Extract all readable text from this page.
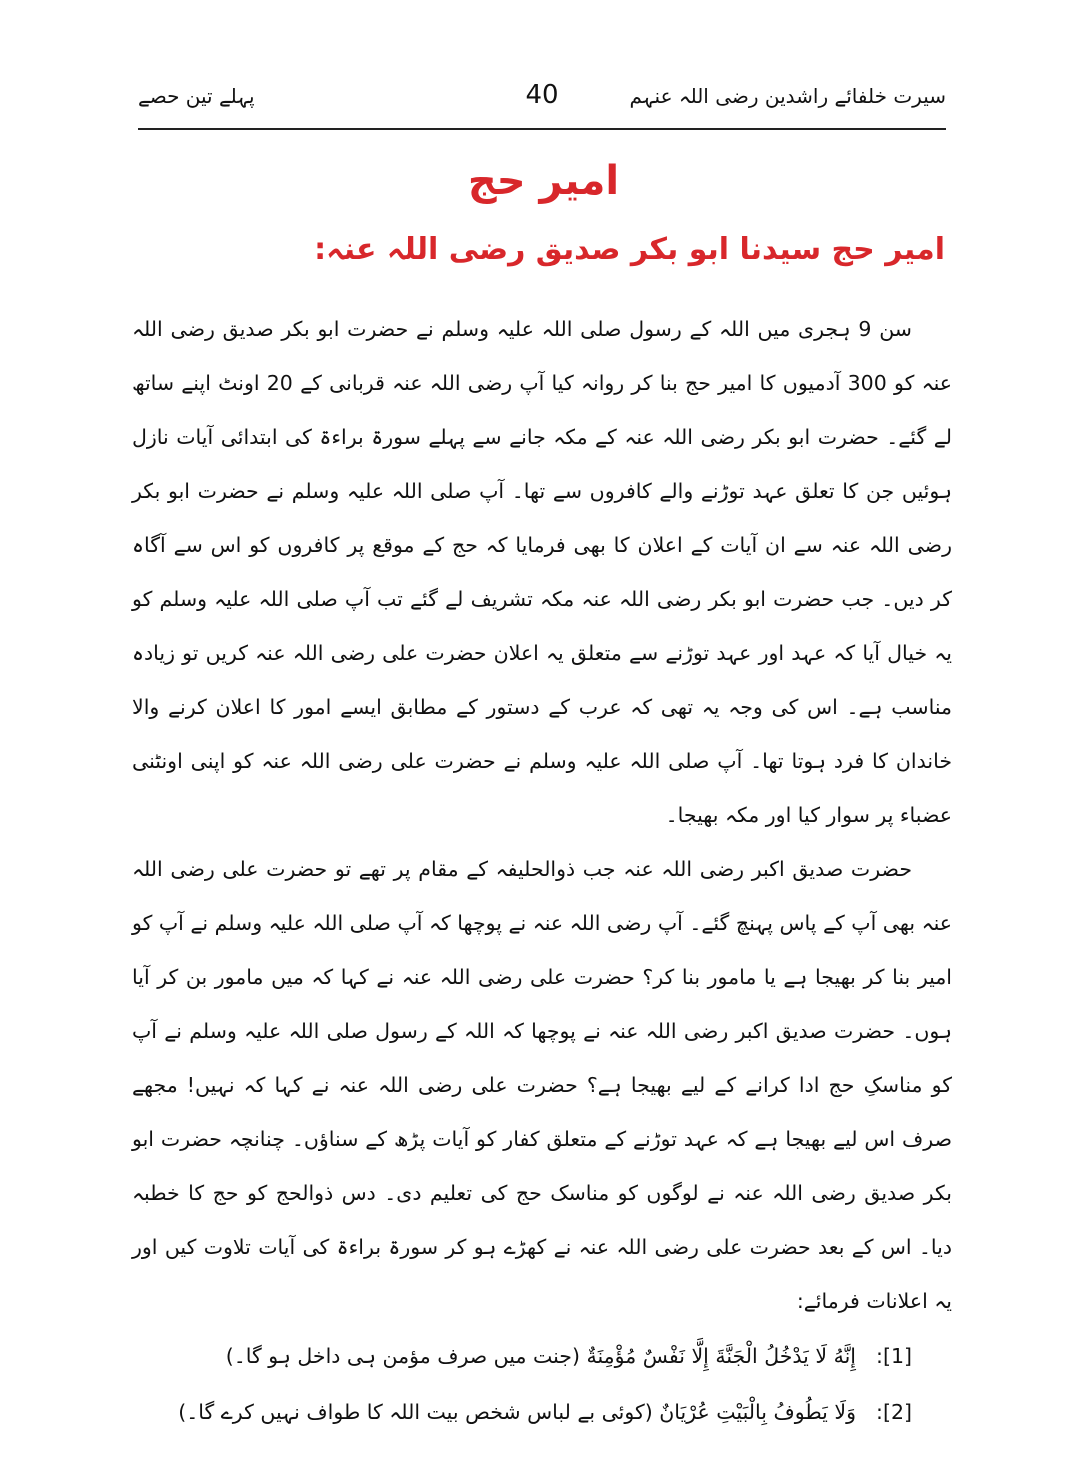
سیرت خلفائے راشدین رضی اللہ عنہم
40
پہلے تین حصے
امیر حج
امیر حج سیدنا ابو بکر صدیق رضی اللہ عنہ:

سن 9 ہجری میں اللہ کے رسول صلی اللہ علیہ وسلم نے حضرت ابو بکر صدیق رضی اللہ عنہ کو 300 آدمیوں کا امیر حج بنا کر روانہ کیا آپ رضی اللہ عنہ قربانی کے 20 اونٹ اپنے ساتھ لے گئے۔ حضرت ابو بکر رضی اللہ عنہ کے مکہ جانے سے پہلے سورۃ براءۃ کی ابتدائی آیات نازل ہوئیں جن کا تعلق عہد توڑنے والے کافروں سے تھا۔ آپ صلی اللہ علیہ وسلم نے حضرت ابو بکر رضی اللہ عنہ سے ان آیات کے اعلان کا بھی فرمایا کہ حج کے موقع پر کافروں کو اس سے آگاہ کر دیں۔ جب حضرت ابو بکر رضی اللہ عنہ مکہ تشریف لے گئے تب آپ صلی اللہ علیہ وسلم کو یہ خیال آیا کہ عہد اور عہد توڑنے سے متعلق یہ اعلان حضرت علی رضی اللہ عنہ کریں تو زیادہ مناسب ہے۔ اس کی وجہ یہ تھی کہ عرب کے دستور کے مطابق ایسے امور کا اعلان کرنے والا خاندان کا فرد ہوتا تھا۔ آپ صلی اللہ علیہ وسلم نے حضرت علی رضی اللہ عنہ کو اپنی اونٹنی عضباء پر سوار کیا اور مکہ بھیجا۔

حضرت صدیق اکبر رضی اللہ عنہ جب ذوالحلیفہ کے مقام پر تھے تو حضرت علی رضی اللہ عنہ بھی آپ کے پاس پہنچ گئے۔ آپ رضی اللہ عنہ نے پوچھا کہ آپ صلی اللہ علیہ وسلم نے آپ کو امیر بنا کر بھیجا ہے یا مامور بنا کر؟ حضرت علی رضی اللہ عنہ نے کہا کہ میں مامور بن کر آیا ہوں۔ حضرت صدیق اکبر رضی اللہ عنہ نے پوچھا کہ اللہ کے رسول صلی اللہ علیہ وسلم نے آپ کو مناسکِ حج ادا کرانے کے لیے بھیجا ہے؟ حضرت علی رضی اللہ عنہ نے کہا کہ نہیں! مجھے صرف اس لیے بھیجا ہے کہ عہد توڑنے کے متعلق کفار کو آیات پڑھ کے سناؤں۔ چنانچہ حضرت ابو بکر صدیق رضی اللہ عنہ نے لوگوں کو مناسک حج کی تعلیم دی۔ دس ذوالحج کو حج کا خطبہ دیا۔ اس کے بعد حضرت علی رضی اللہ عنہ نے کھڑے ہو کر سورۃ براءۃ کی آیات تلاوت کیں اور یہ اعلانات فرمائے:

[1]:
إِنَّهُ لَا يَدْخُلُ الْجَنَّةَ إِلَّا نَفْسٌ مُؤْمِنَةٌ (جنت میں صرف مؤمن ہی داخل ہو گا۔)
[2]:
وَلَا يَطُوفُ بِالْبَيْتِ عُرْيَانٌ (کوئی بے لباس شخص بیت اللہ کا طواف نہیں کرے گا۔)
